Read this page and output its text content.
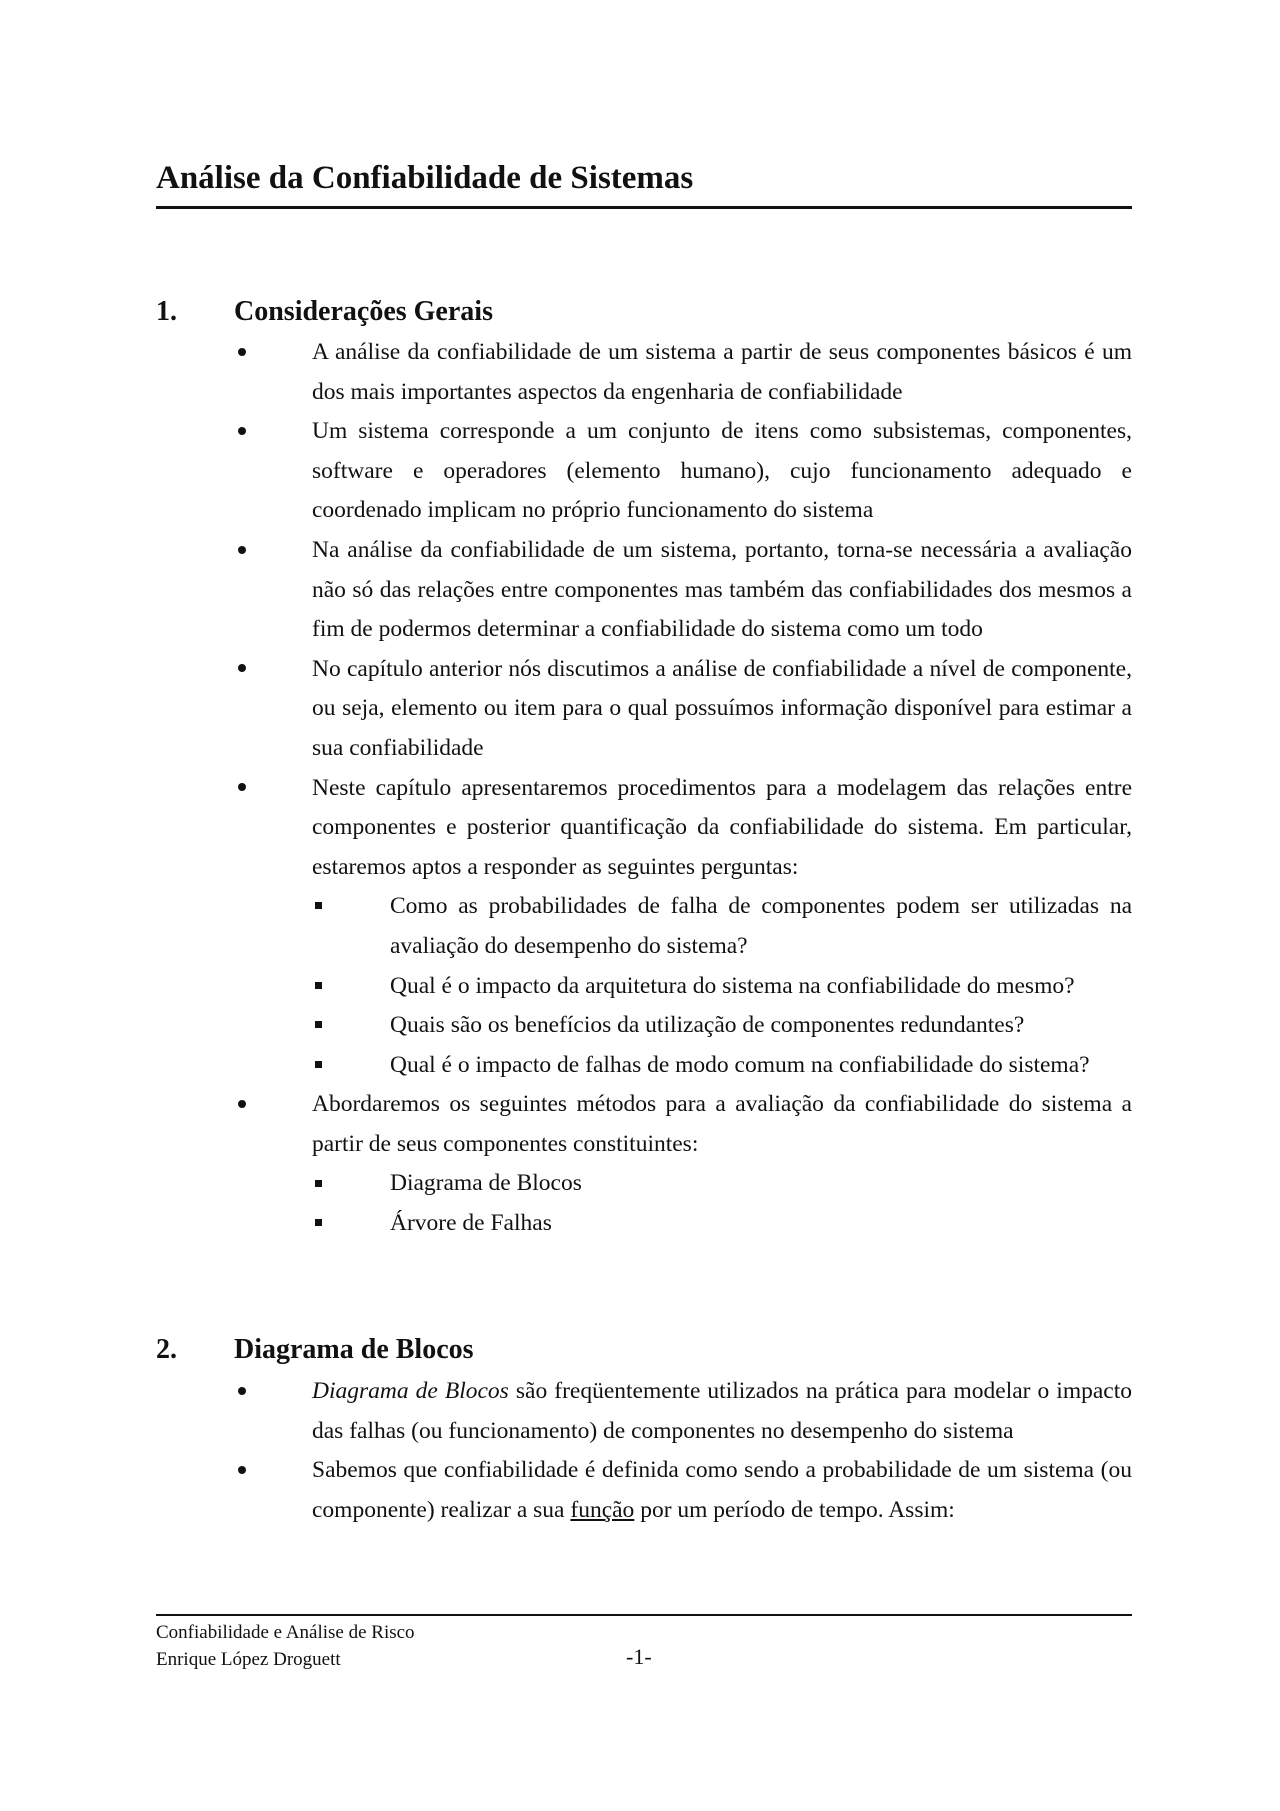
Análise da Confiabilidade de Sistemas
1. Considerações Gerais
A análise da confiabilidade de um sistema a partir de seus componentes básicos é um dos mais importantes aspectos da engenharia de confiabilidade
Um sistema corresponde a um conjunto de itens como subsistemas, componentes, software e operadores (elemento humano), cujo funcionamento adequado e coordenado implicam no próprio funcionamento do sistema
Na análise da confiabilidade de um sistema, portanto, torna-se necessária a avaliação não só das relações entre componentes mas também das confiabilidades dos mesmos a fim de podermos determinar a confiabilidade do sistema como um todo
No capítulo anterior nós discutimos a análise de confiabilidade a nível de componente, ou seja, elemento ou item para o qual possuímos informação disponível para estimar a sua confiabilidade
Neste capítulo apresentaremos procedimentos para a modelagem das relações entre componentes e posterior quantificação da confiabilidade do sistema. Em particular, estaremos aptos a responder as seguintes perguntas:
Como as probabilidades de falha de componentes podem ser utilizadas na avaliação do desempenho do sistema?
Qual é o impacto da arquitetura do sistema na confiabilidade do mesmo?
Quais são os benefícios da utilização de componentes redundantes?
Qual é o impacto de falhas de modo comum na confiabilidade do sistema?
Abordaremos os seguintes métodos para a avaliação da confiabilidade do sistema a partir de seus componentes constituintes:
Diagrama de Blocos
Árvore de Falhas
2. Diagrama de Blocos
Diagrama de Blocos são freqüentemente utilizados na prática para modelar o impacto das falhas (ou funcionamento) de componentes no desempenho do sistema
Sabemos que confiabilidade é definida como sendo a probabilidade de um sistema (ou componente) realizar a sua função por um período de tempo. Assim:
Confiabilidade e Análise de Risco
Enrique López Droguett	-1-
